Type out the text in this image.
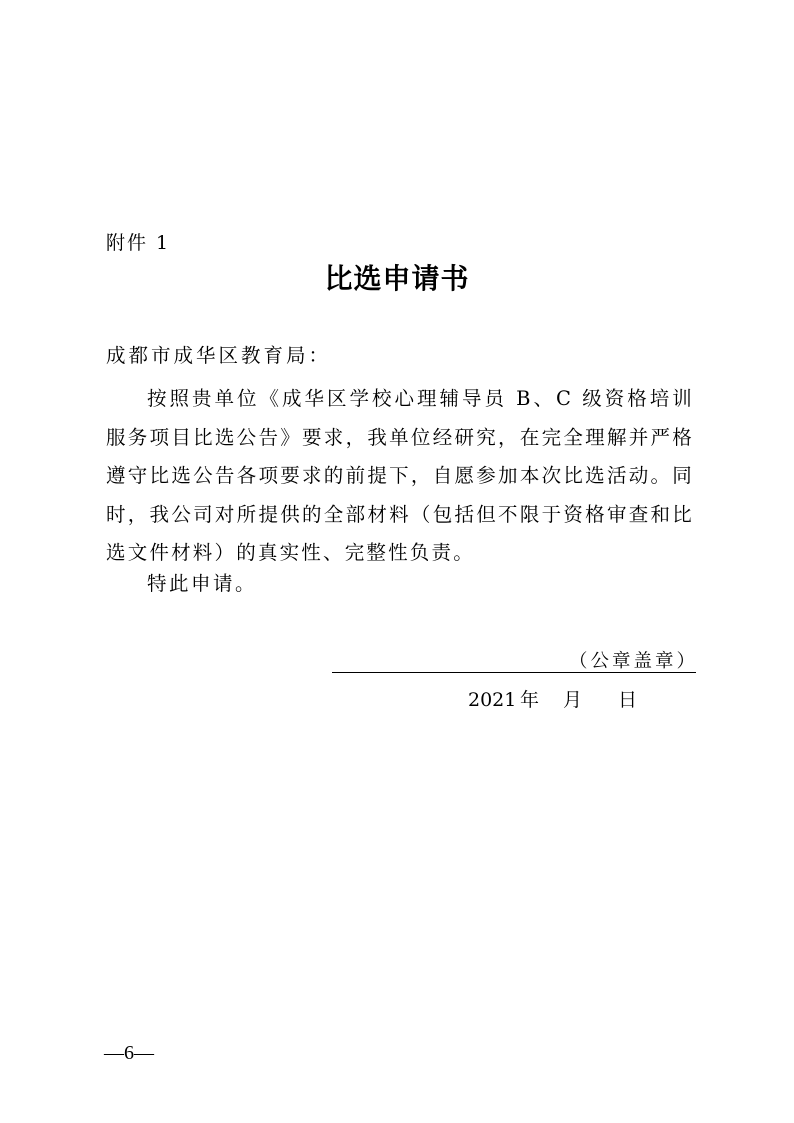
附件 1
比选申请书
成都市成华区教育局：
按照贵单位《成华区学校心理辅导员 B、C 级资格培训服务项目比选公告》要求，我单位经研究，在完全理解并严格遵守比选公告各项要求的前提下，自愿参加本次比选活动。同时，我公司对所提供的全部材料（包括但不限于资格审查和比选文件材料）的真实性、完整性负责。
特此申请。
（公章盖章）
2021 年 月 日
—6—
